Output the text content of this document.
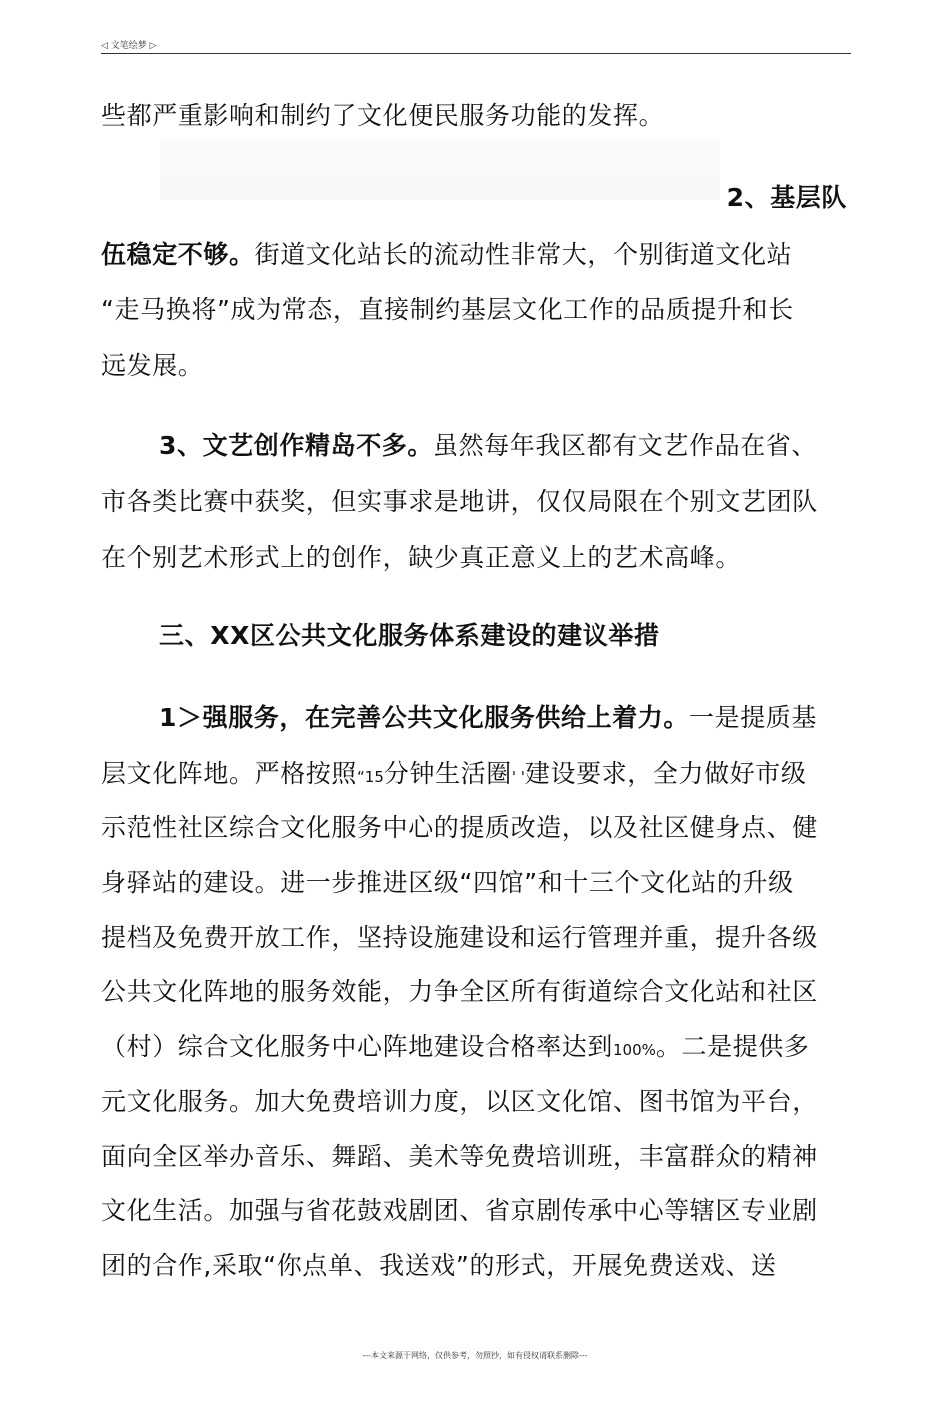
◁ 文笔绘梦 ▷
些都严重影响和制约了文化便民服务功能的发挥。
2、基层队
伍稳定不够。街道文化站长的流动性非常大，个别街道文化站
“走马换将”成为常态，直接制约基层文化工作的品质提升和长
远发展。
3、文艺创作精岛不多。虽然每年我区都有文艺作品在省、
市各类比赛中获奖，但实事求是地讲，仅仅局限在个别文艺团队
在个别艺术形式上的创作，缺少真正意义上的艺术高峰。
三、XX区公共文化服务体系建设的建议举措
1＞强服务，在完善公共文化服务供给上着力。一是提质基
层文化阵地。严格按照“15分钟生活圈' '建设要求，全力做好市级
示范性社区综合文化服务中心的提质改造，以及社区健身点、健
身驿站的建设。进一步推进区级“四馆”和十三个文化站的升级
提档及免费开放工作，坚持设施建设和运行管理并重，提升各级
公共文化阵地的服务效能，力争全区所有街道综合文化站和社区
（村）综合文化服务中心阵地建设合格率达到100%。二是提供多
元文化服务。加大免费培训力度，以区文化馆、图书馆为平台，
面向全区举办音乐、舞蹈、美术等免费培训班，丰富群众的精神
文化生活。加强与省花鼓戏剧团、省京剧传承中心等辖区专业剧
团的合作,采取“你点单、我送戏”的形式，开展免费送戏、送
---本文来源于网络，仅供参考，勿照抄，如有侵权请联系删除---
